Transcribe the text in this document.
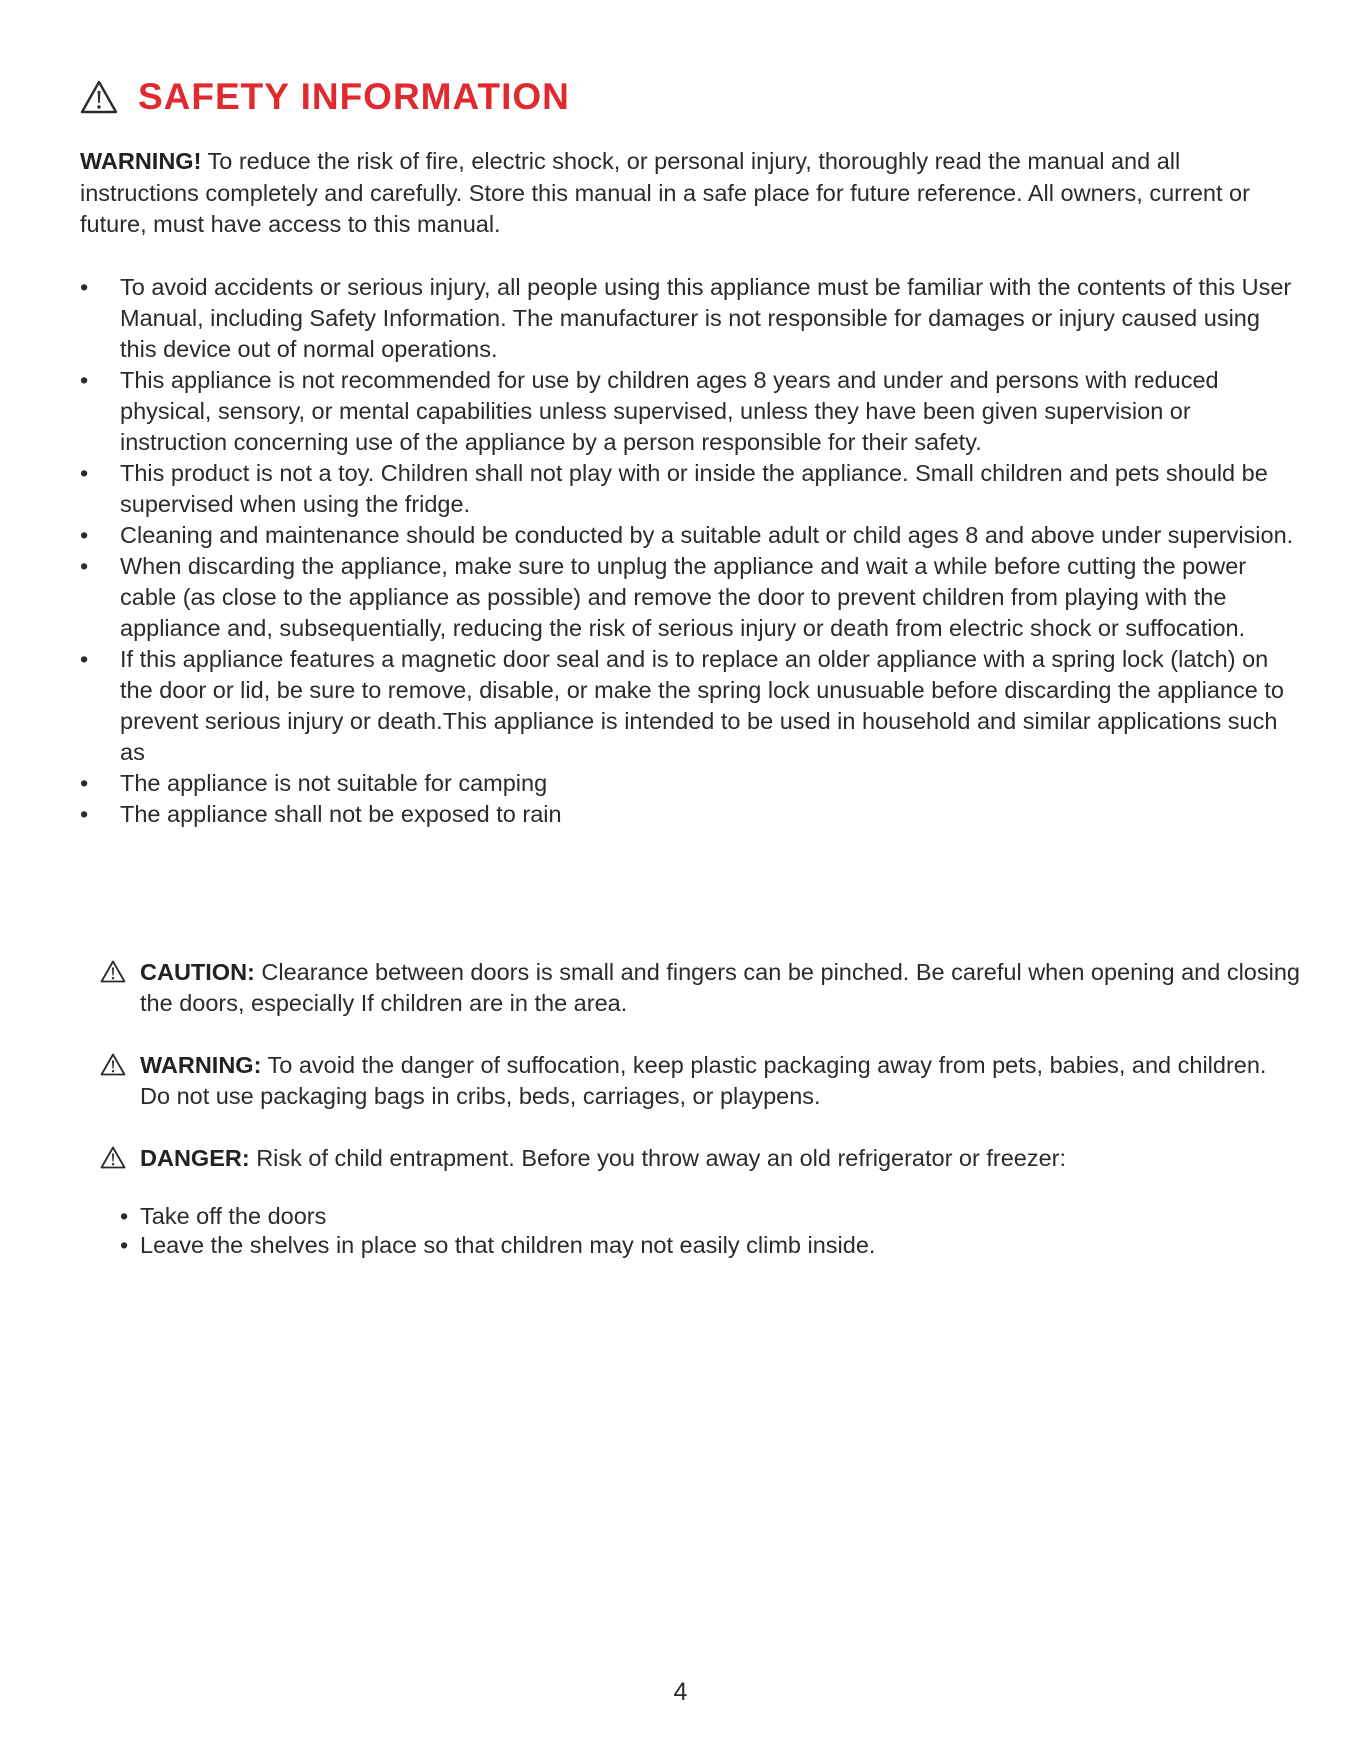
SAFETY INFORMATION

WARNING! To reduce the risk of fire, electric shock, or personal injury, thoroughly read the manual and all instructions completely and carefully. Store this manual in a safe place for future reference. All owners, current or future, must have access to this manual.

• To avoid accidents or serious injury, all people using this appliance must be familiar with the contents of this User Manual, including Safety Information. The manufacturer is not responsible for damages or injury caused using this device out of normal operations.
• This appliance is not recommended for use by children ages 8 years and under and persons with reduced physical, sensory, or mental capabilities unless supervised, unless they have been given supervision or instruction concerning use of the appliance by a person responsible for their safety.
• This product is not a toy. Children shall not play with or inside the appliance. Small children and pets should be supervised when using the fridge.
• Cleaning and maintenance should be conducted by a suitable adult or child ages 8 and above under supervision.
• When discarding the appliance, make sure to unplug the appliance and wait a while before cutting the power cable (as close to the appliance as possible) and remove the door to prevent children from playing with the appliance and, subsequentially, reducing the risk of serious injury or death from electric shock or suffocation.
• If this appliance features a magnetic door seal and is to replace an older appliance with a spring lock (latch) on the door or lid, be sure to remove, disable, or make the spring lock unusuable before discarding the appliance to prevent serious injury or death.This appliance is intended to be used in household and similar applications such as
• The appliance is not suitable for camping
• The appliance shall not be exposed to rain
CAUTION: Clearance between doors is small and fingers can be pinched. Be careful when opening and closing the doors, especially If children are in the area.
WARNING: To avoid the danger of suffocation, keep plastic packaging away from pets, babies, and children. Do not use packaging bags in cribs, beds, carriages, or playpens.
DANGER: Risk of child entrapment. Before you throw away an old refrigerator or freezer:
• Take off the doors
• Leave the shelves in place so that children may not easily climb inside.
4
